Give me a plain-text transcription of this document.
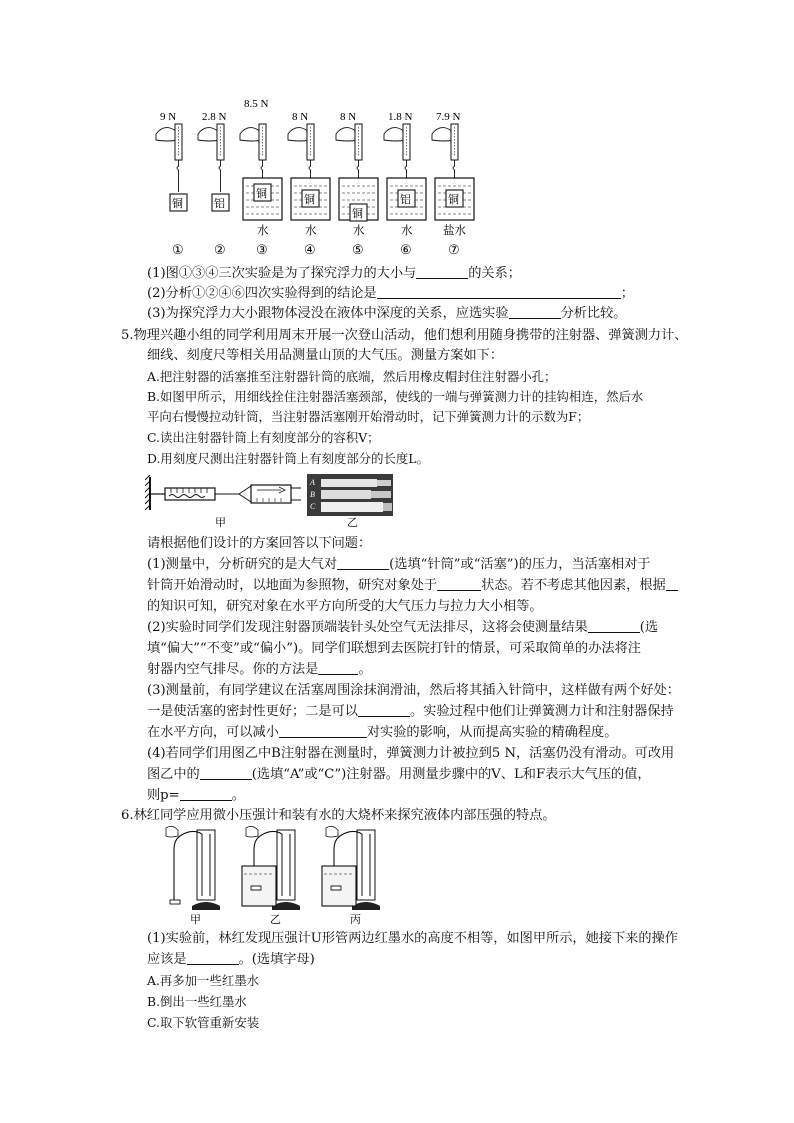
9 N
铜
①
2.8 N
铝
②
8.5 N
铜
水
③
8 N
铜
水
④
8 N
铜
水
⑤
1.8 N
铝
水
⑥
7.9 N
铜
盐水
⑦
(1)图①③④三次实验是为了探究浮力的大小与	的关系；
(2)分析①②④⑥四次实验得到的结论是	；
(3)为探究浮力大小跟物体浸没在液体中深度的关系，应选实验	分析比较。
5.物理兴趣小组的同学利用周末开展一次登山活动，他们想利用随身携带的注射器、弹簧测力计、
细线、刻度尺等相关用品测量山顶的大气压。测量方案如下：
A.把注射器的活塞推至注射器针筒的底端，然后用橡皮帽封住注射器小孔；
B.如图甲所示，用细线拴住注射器活塞颈部，使线的一端与弹簧测力计的挂钩相连，然后水
平向右慢慢拉动针筒，当注射器活塞刚开始滑动时，记下弹簧测力计的示数为F；
C.读出注射器针筒上有刻度部分的容积V；
D.用刻度尺测出注射器针筒上有刻度部分的长度L。
甲
A
B
C
乙
请根据他们设计的方案回答以下问题：
(1)测量中，分析研究的是大气对	(选填“针筒”或“活塞”)的压力，当活塞相对于
针筒开始滑动时，以地面为参照物，研究对象处于	状态。若不考虑其他因素，根据
的知识可知，研究对象在水平方向所受的大气压力与拉力大小相等。
(2)实验时同学们发现注射器顶端装针头处空气无法排尽，这将会使测量结果	(选
填“偏大”“不变”或“偏小”)。同学们联想到去医院打针的情景，可采取简单的办法将注
射器内空气排尽。你的方法是	。
(3)测量前，有同学建议在活塞周围涂抹润滑油，然后将其插入针筒中，这样做有两个好处：
一是使活塞的密封性更好；二是可以	。实验过程中他们让弹簧测力计和注射器保持
在水平方向，可以减小	对实验的影响，从而提高实验的精确程度。
(4)若同学们用图乙中B注射器在测量时，弹簧测力计被拉到5 N，活塞仍没有滑动。可改用
图乙中的	(选填“A”或“C”)注射器。用测量步骤中的V、L和F表示大气压的值，
则p=	。
6.林红同学应用微小压强计和装有水的大烧杯来探究液体内部压强的特点。
甲	乙	丙
(1)实验前，林红发现压强计U形管两边红墨水的高度不相等，如图甲所示，她接下来的操作
应该是	。(选填字母)
A.再多加一些红墨水
B.倒出一些红墨水
C.取下软管重新安装
